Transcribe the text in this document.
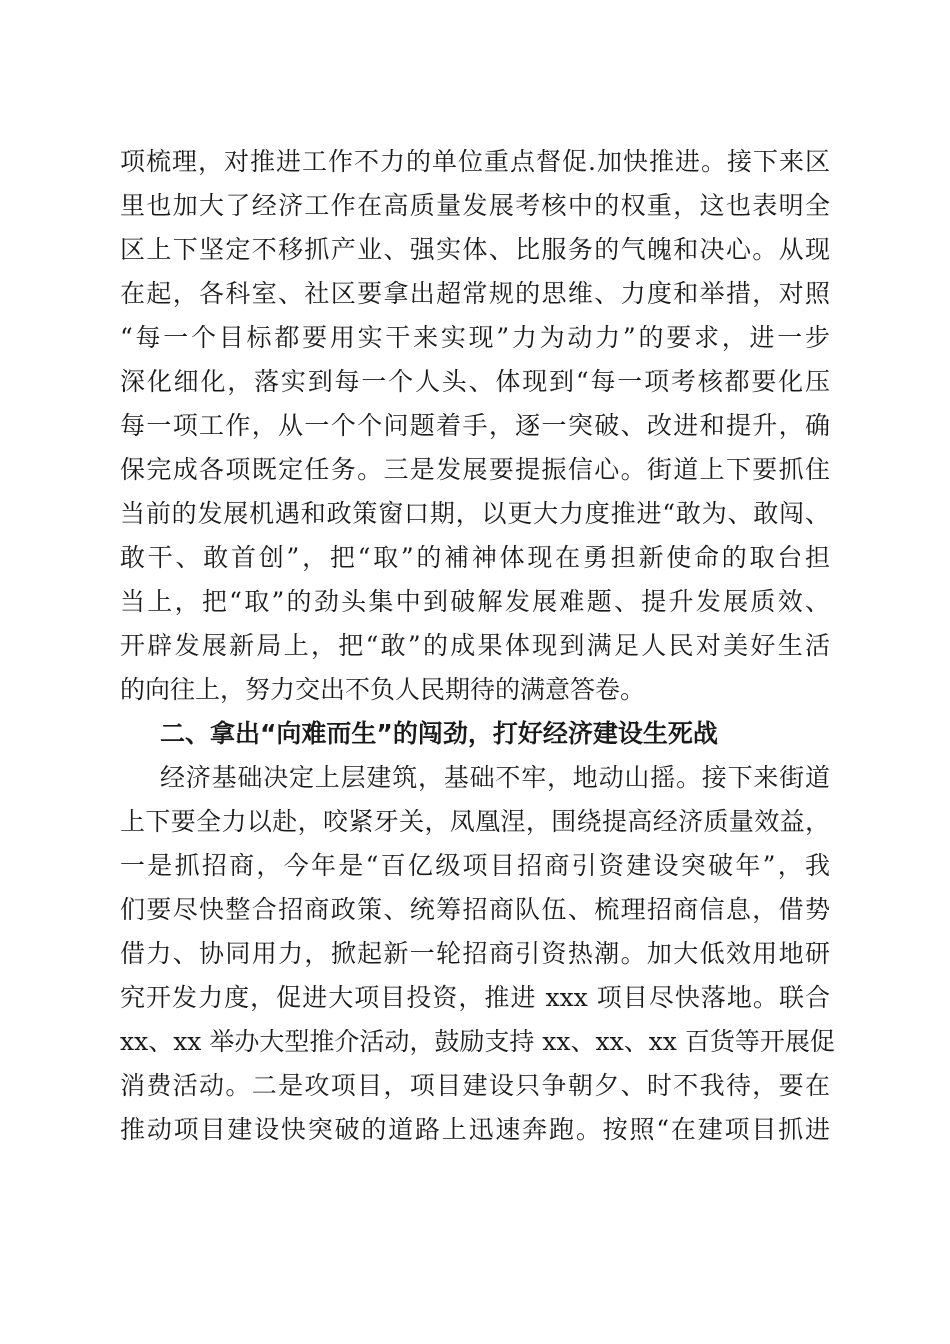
项梳理，对推进工作不力的单位重点督促.加快推进。接下来区
里也加大了经济工作在高质量发展考核中的权重，这也表明全
区上下坚定不移抓产业、强实体、比服务的气魄和决心。从现
在起，各科室、社区要拿出超常规的思维、力度和举措，对照
“每一个目标都要用实干来实现”力为动力”的要求，进一步
深化细化，落实到每一个人头、体现到“每一项考核都要化压
每一项工作，从一个个问题着手，逐一突破、改进和提升，确
保完成各项既定任务。三是发展要提振信心。街道上下要抓住
当前的发展机遇和政策窗口期，以更大力度推进“敢为、敢闯、
敢干、敢首创”，把“取”的補神体现在勇担新使命的取台担
当上，把“取”的劲头集中到破解发展难题、提升发展质效、
开辟发展新局上，把“敢”的成果体现到满足人民对美好生活
的向往上，努力交出不负人民期待的满意答卷。
二、拿出“向难而生”的闯劲，打好经济建设生死战
经济基础决定上层建筑，基础不牢，地动山摇。接下来街道
上下要全力以赴，咬紧牙关，凤凰涅，围绕提高经济质量效益，
一是抓招商，今年是“百亿级项目招商引资建设突破年”，我
们要尽快整合招商政策、统筹招商队伍、梳理招商信息，借势
借力、协同用力，掀起新一轮招商引资热潮。加大低效用地研
究开发力度，促进大项目投资，推进 xxx 项目尽快落地。联合
xx、xx 举办大型推介活动，鼓励支持 xx、xx、xx 百货等开展促
消费活动。二是攻项目，项目建设只争朝夕、时不我待，要在
推动项目建设快突破的道路上迅速奔跑。按照“在建项目抓进
